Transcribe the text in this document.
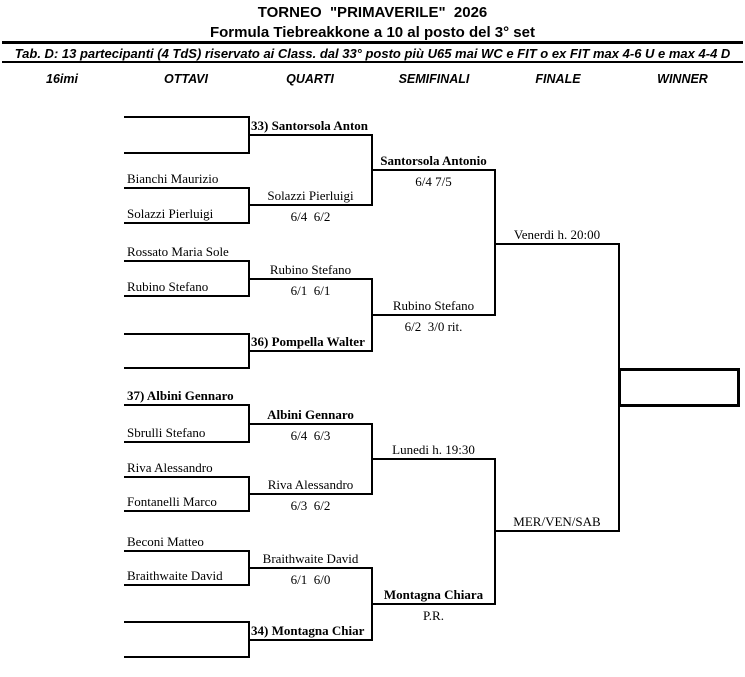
TORNEO  "PRIMAVERILE"  2026
Formula Tiebreakkone a 10 al posto del 3° set
Tab. D: 13 partecipanti (4 TdS) riservato ai Class. dal 33° posto più U65 mai WC e FIT o ex FIT max 4-6 U e max 4-4 D
16imi	OTTAVI	QUARTI	SEMIFINALI	FINALE	WINNER
Bianchi Maurizio
Solazzi Pierluigi
Rossato Maria Sole
Rubino Stefano
37) Albini Gennaro
Sbrulli Stefano
Riva Alessandro
Fontanelli Marco
Beconi Matteo
Braithwaite David
33) Santorsola Anton
Solazzi Pierluigi
6/4  6/2
Rubino Stefano
6/1  6/1
36) Pompella Walter
Albini Gennaro
6/4  6/3
Riva Alessandro
6/3  6/2
Braithwaite David
6/1  6/0
34) Montagna Chiar
Santorsola Antonio
6/4 7/5
Rubino Stefano
6/2  3/0 rit.
Lunedi h. 19:30
Montagna Chiara
P.R.
Venerdi h. 20:00
MER/VEN/SAB
